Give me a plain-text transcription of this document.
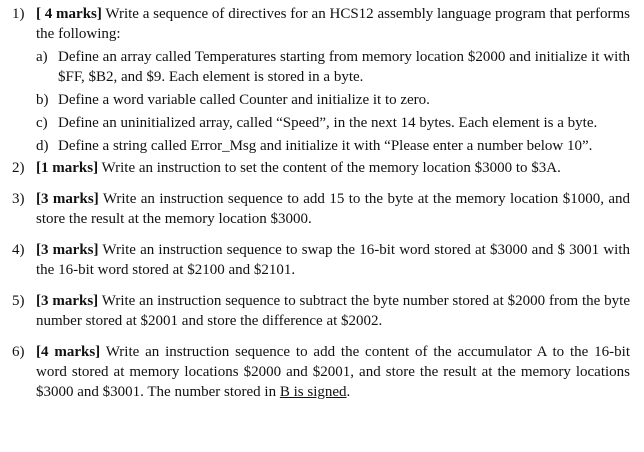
1) [ 4 marks] Write a sequence of directives for an HCS12 assembly language program that performs the following:
a) Define an array called Temperatures starting from memory location $2000 and initialize it with $FF, $B2, and $9. Each element is stored in a byte.
b) Define a word variable called Counter and initialize it to zero.
c) Define an uninitialized array, called “Speed”, in the next 14 bytes. Each element is a byte.
d) Define a string called Error_Msg and initialize it with “Please enter a number below 10”.
2) [1 marks] Write an instruction to set the content of the memory location $3000 to $3A.
3) [3 marks] Write an instruction sequence to add 15 to the byte at the memory location $1000, and store the result at the memory location $3000.
4) [3 marks] Write an instruction sequence to swap the 16-bit word stored at $3000 and $ 3001 with the 16-bit word stored at $2100 and $2101.
5) [3 marks] Write an instruction sequence to subtract the byte number stored at $2000 from the byte number stored at $2001 and store the difference at $2002.
6) [4 marks] Write an instruction sequence to add the content of the accumulator A to the 16-bit word stored at memory locations $2000 and $2001, and store the result at the memory locations $3000 and $3001. The number stored in B is signed.
